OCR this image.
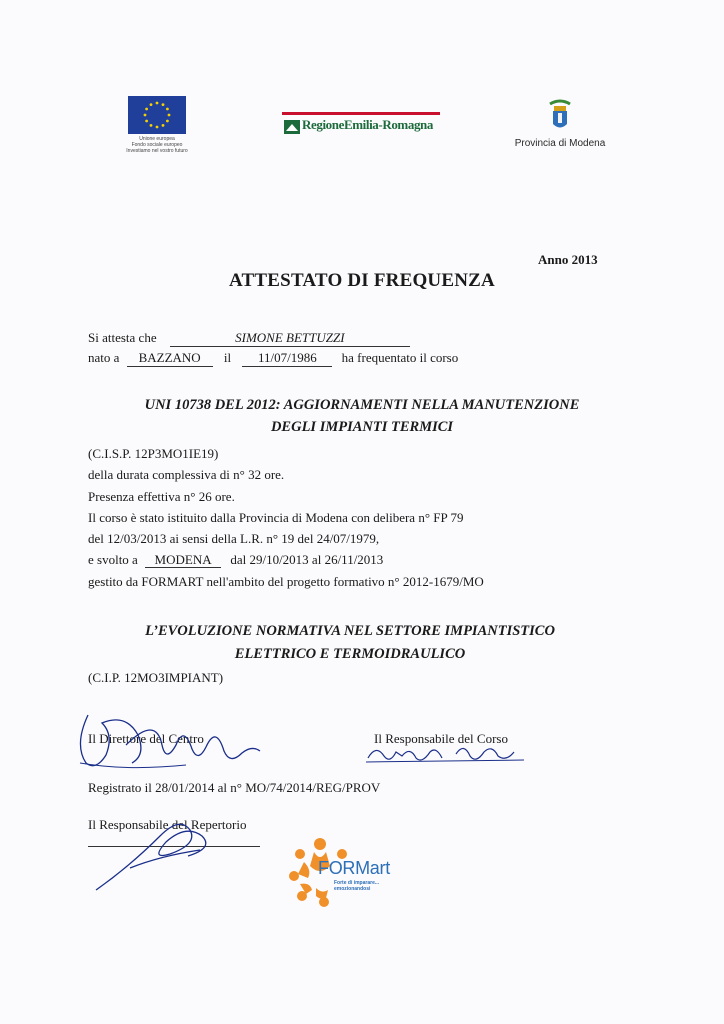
Unione europea
Fondo sociale europeo
Investiamo nel vostro futuro
RegioneEmilia-Romagna
Provincia di Modena
Anno 2013
ATTESTATO DI FREQUENZA
Si attesta che	SIMONE BETTUZZI
nato a BAZZANO il 11/07/1986 ha frequentato il corso
UNI 10738 DEL 2012: AGGIORNAMENTI NELLA MANUTENZIONE
DEGLI IMPIANTI TERMICI
(C.I.S.P. 12P3MO1IE19)
della durata complessiva di n° 32 ore.
Presenza effettiva n° 26 ore.
Il corso è stato istituito dalla Provincia di Modena con delibera n° FP 79
del 12/03/2013 ai sensi della L.R. n° 19 del 24/07/1979,
e svolto a MODENA dal 29/10/2013 al 26/11/2013
gestito da FORMART nell'ambito del progetto formativo n° 2012-1679/MO
L’EVOLUZIONE NORMATIVA NEL SETTORE IMPIANTISTICO
ELETTRICO E TERMOIDRAULICO
(C.I.P. 12MO3IMPIANT)
Il Direttore del Centro	Il Responsabile del Corso
Registrato il 28/01/2014 al n° MO/74/2014/REG/PROV
Il Responsabile del Repertorio
FORMart
Forte di imparare...
emozionandosi
